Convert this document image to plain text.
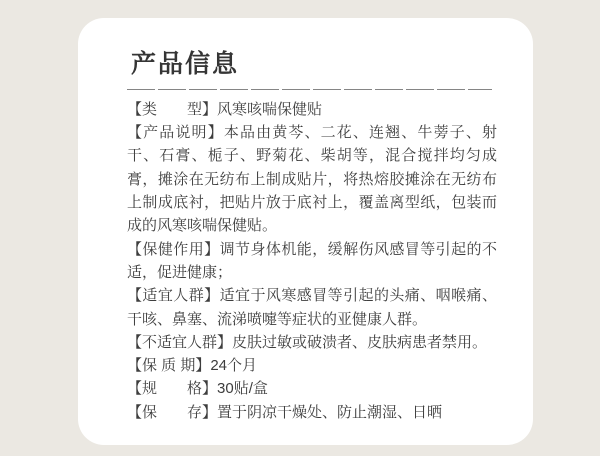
产品信息

【类　　型】风寒咳喘保健贴

【产品说明】本品由黄芩、二花、连翘、牛蒡子、射干、石膏、栀子、野菊花、柴胡等，混合搅拌均匀成膏，摊涂在无纺布上制成贴片，将热熔胶摊涂在无纺布上制成底衬，把贴片放于底衬上，覆盖离型纸，包装而成的风寒咳喘保健贴。

【保健作用】调节身体机能，缓解伤风感冒等引起的不适，促进健康；

【适宜人群】适宜于风寒感冒等引起的头痛、咽喉痛、干咳、鼻塞、流涕喷嚏等症状的亚健康人群。

【不适宜人群】皮肤过敏或破溃者、皮肤病患者禁用。

【保 质 期】24个月

【规　　格】30贴/盒

【保　　存】置于阴凉干燥处、防止潮湿、日晒
